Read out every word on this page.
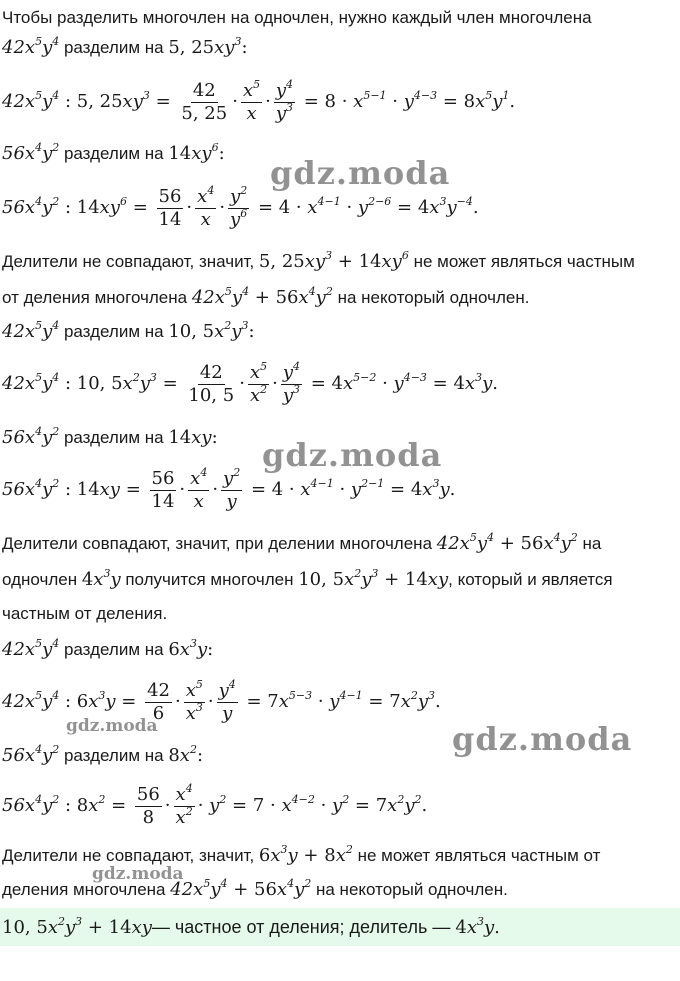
Чтобы разделить многочлен на одночлен, нужно каждый член многочлена
$42x^5y^4$ разделим на 5, $25xy^3$:
$42x^5y^4$ : 5, 25 $xy^3 = \frac{42}{5, 25} \cdot \frac{x^5}{x} \cdot \frac{y^4}{y^3} = 8 \cdot x^{5-1} \cdot y^{4-3} = 8$ $x^5y^1$ .
$56x^4y^2$ разделим на $14xy^6$:
$56x^4y^2$ : 14 $xy^6 = \frac{56}{14} \cdot \frac{x^4}{x} \cdot \frac{y^2}{y^6} = 4 \cdot x^{4-1} \cdot y^{2-6} = 4$ $x^3y^{-4}$ .
Делители не совпадают, значит, 5, $25xy^3 + 14xy^6$ не может являться частным
от деления многочлена $42x^5y^4 + 56x^4y^2$ на некоторый одночлен.
$42x^5y^4$ разделим на 10, $5x^2y^3$:
$42x^5y^4$ : 10, 5 $x^2y^3 = \frac{42}{10, 5} \cdot \frac{x^5}{x^2} \cdot \frac{y^4}{y^3} = 4$ $x^{5-2} \cdot y^{4-3} = 4$ $x^3y$ .
$56x^4y^2$ разделим на 14xy:
$56x^4y^2$ : 14 xy = $\frac{56}{14} \cdot \frac{x^4}{x} \cdot \frac{y^2}{y} = 4 \cdot x^{4-1} \cdot y^{2-1} = 4$ $x^3y$ .
Делители совпадают, значит, при делении многочлена $42x^5y^4 + 56x^4y^2$ на
одночлен $4x^3y$ получится многочлен 10, $5x^2y^3 + 14xy$, который и является
частным от деления.
$42x^5y^4$ разделим на $6x^3y$:
$42x^5y^4$ : 6 $x^3y = \frac{42}{6} \cdot \frac{x^5}{x^3} \cdot \frac{y^4}{y} = 7$ $x^{5-3} \cdot y^{4-1} = 7$ $x^2y^3$ .
$56x^4y^2$ разделим на $8x^2$:
$56x^4y^2$ : 8 $x^2 = \frac{56}{8} \cdot \frac{x^4}{x^2} \cdot y^2 = 7 \cdot x^{4-2} \cdot y^2 = 7$ $x^2y^2$ .
Делители не совпадают, значит, $6x^3y + 8x^2$ не может являться частным от
деления многочлена $42x^5y^4 + 56x^4y^2$ на некоторый одночлен.
10, $5x^2y^3$ + 14xy— частное от деления; делитель — $4x^3y$.
gdz.moda
gdz.moda
gdz.moda	gdz.moda
gdz.moda
